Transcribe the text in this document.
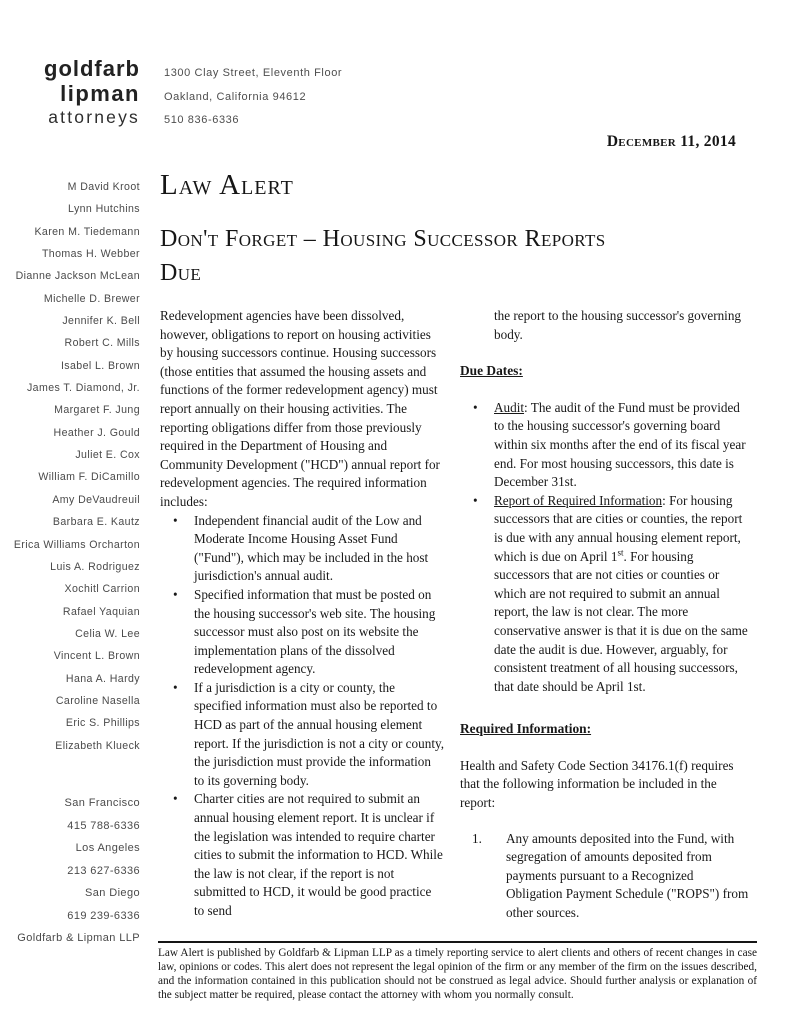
goldfarb
lipman
attorneys
1300 Clay Street, Eleventh Floor
Oakland, California 94612
510 836-6336
December 11, 2014
M David Kroot
Lynn Hutchins
Karen M. Tiedemann
Thomas H. Webber
Dianne Jackson McLean
Michelle D. Brewer
Jennifer K. Bell
Robert C. Mills
Isabel L. Brown
James T. Diamond, Jr.
Margaret F. Jung
Heather J. Gould
Juliet E. Cox
William F. DiCamillo
Amy DeVaudreuil
Barbara E. Kautz
Erica Williams Orcharton
Luis A. Rodriguez
Xochitl Carrion
Rafael Yaquian
Celia W. Lee
Vincent L. Brown
Hana A. Hardy
Caroline Nasella
Eric S. Phillips
Elizabeth Klueck
San Francisco
415 788-6336
Los Angeles
213 627-6336
San Diego
619 239-6336
Goldfarb & Lipman LLP
Law Alert
Don't Forget – Housing Successor Reports
Due

Redevelopment agencies have been dissolved, however, obligations to report on housing activities by housing successors continue. Housing successors (those entities that assumed the housing assets and functions of the former redevelopment agency) must report annually on their housing activities. The reporting obligations differ from those previously required in the Department of Housing and Community Development ("HCD") annual report for redevelopment agencies. The required information includes:

• Independent financial audit of the Low and Moderate Income Housing Asset Fund ("Fund"), which may be included in the host jurisdiction's annual audit.
• Specified information that must be posted on the housing successor's web site. The housing successor must also post on its website the implementation plans of the dissolved redevelopment agency.
• If a jurisdiction is a city or county, the specified information must also be reported to HCD as part of the annual housing element report. If the jurisdiction is not a city or county, the jurisdiction must provide the information to its governing body.
• Charter cities are not required to submit an annual housing element report. It is unclear if the legislation was intended to require charter cities to submit the information to HCD. While the law is not clear, if the report is not submitted to HCD, it would be good practice to send

the report to the housing successor's governing body.

Due Dates:
• Audit: The audit of the Fund must be provided to the housing successor's governing board within six months after the end of its fiscal year end. For most housing successors, this date is December 31st.
• Report of Required Information: For housing successors that are cities or counties, the report is due with any annual housing element report, which is due on April 1st. For housing successors that are not cities or counties or which are not required to submit an annual report, the law is not clear. The more conservative answer is that it is due on the same date the audit is due. However, arguably, for consistent treatment of all housing successors, that date should be April 1st.
Required Information:

Health and Safety Code Section 34176.1(f) requires that the following information be included in the report:

1.	Any amounts deposited into the Fund, with segregation of amounts deposited from payments pursuant to a Recognized Obligation Payment Schedule ("ROPS") from other sources.
Law Alert is published by Goldfarb & Lipman LLP as a timely reporting service to alert clients and others of recent changes in case law, opinions or codes. This alert does not represent the legal opinion of the firm or any member of the firm on the issues described, and the information contained in this publication should not be construed as legal advice. Should further analysis or explanation of the subject matter be required, please contact the attorney with whom you normally consult.
